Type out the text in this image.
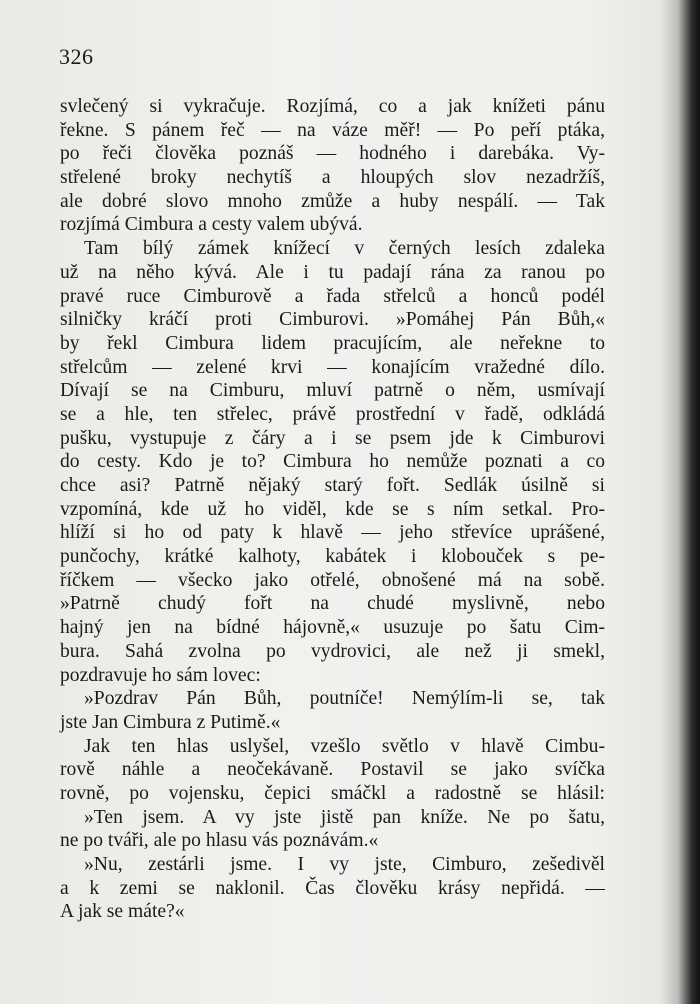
326
svlečený si vykračuje. Rozjímá, co a jak knížeti pánu
řekne. S pánem řeč — na váze měř! — Po peří ptáka,
po řeči člověka poznáš — hodného i darebáka. Vy-
střelené broky nechytíš a hloupých slov nezadržíš,
ale dobré slovo mnoho zmůže a huby nespálí. — Tak
rozjímá Cimbura a cesty valem ubývá.
Tam bílý zámek knížecí v černých lesích zdaleka
už na něho kývá. Ale i tu padají rána za ranou po
pravé ruce Cimburově a řada střelců a honců podél
silničky kráčí proti Cimburovi. »Pomáhej Pán Bůh,«
by řekl Cimbura lidem pracujícím, ale neřekne to
střelcům — zelené krvi — konajícím vražedné dílo.
Dívají se na Cimburu, mluví patrně o něm, usmívají
se a hle, ten střelec, právě prostřední v řadě, odkládá
pušku, vystupuje z čáry a i se psem jde k Cimburovi
do cesty. Kdo je to? Cimbura ho nemůže poznati a co
chce asi? Patrně nějaký starý fořt. Sedlák úsilně si
vzpomíná, kde už ho viděl, kde se s ním setkal. Pro-
hlíží si ho od paty k hlavě — jeho střevíce uprášené,
punčochy, krátké kalhoty, kabátek i klobouček s pe-
říčkem — všecko jako otřelé, obnošené má na sobě.
»Patrně chudý fořt na chudé myslivně, nebo
hajný jen na bídné hájovně,« usuzuje po šatu Cim-
bura. Sahá zvolna po vydrovici, ale než ji smekl,
pozdravuje ho sám lovec:
»Pozdrav Pán Bůh, poutníče! Nemýlím-li se, tak
jste Jan Cimbura z Putimě.«
Jak ten hlas uslyšel, vzešlo světlo v hlavě Cimbu-
rově náhle a neočekávaně. Postavil se jako svíčka
rovně, po vojensku, čepici smáčkl a radostně se hlásil:
»Ten jsem. A vy jste jistě pan kníže. Ne po šatu,
ne po tváři, ale po hlasu vás poznávám.«
»Nu, zestárli jsme. I vy jste, Cimburo, zešedivěl
a k zemi se naklonil. Čas člověku krásy nepřidá. —
A jak se máte?«
